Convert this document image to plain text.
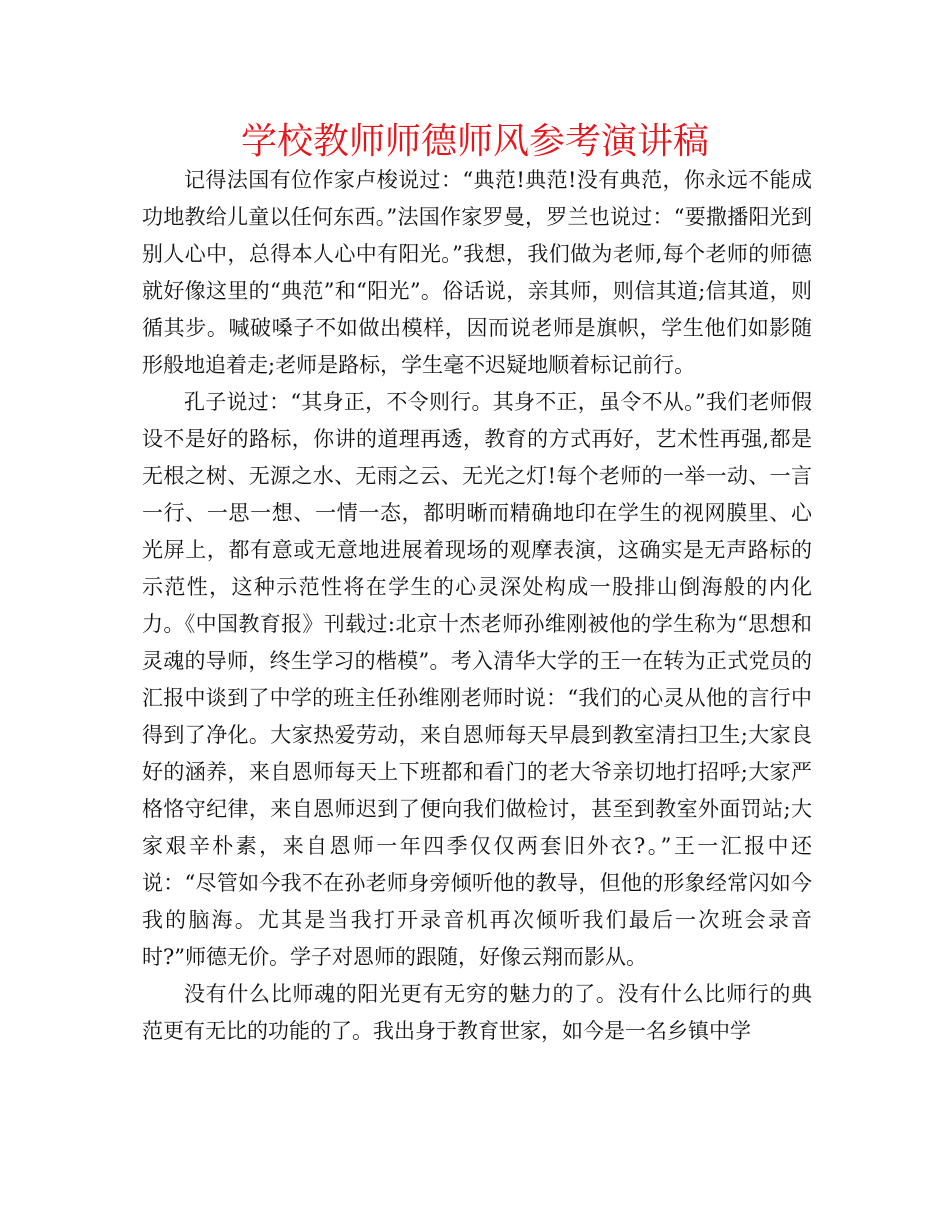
学校教师师德师风参考演讲稿

记得法国有位作家卢梭说过：“典范!典范!没有典范，你永远不能成功地教给儿童以任何东西。”法国作家罗曼，罗兰也说过：“要撒播阳光到别人心中，总得本人心中有阳光。”我想，我们做为老师,每个老师的师德就好像这里的“典范”和“阳光”。俗话说，亲其师，则信其道;信其道，则循其步。喊破嗓子不如做出模样，因而说老师是旗帜，学生他们如影随形般地追着走;老师是路标，学生毫不迟疑地顺着标记前行。

孔子说过：“其身正，不令则行。其身不正，虽令不从。”我们老师假设不是好的路标，你讲的道理再透，教育的方式再好，艺术性再强,都是无根之树、无源之水、无雨之云、无光之灯!每个老师的一举一动、一言一行、一思一想、一情一态，都明晰而精确地印在学生的视网膜里、心光屏上，都有意或无意地进展着现场的观摩表演，这确实是无声路标的示范性，这种示范性将在学生的心灵深处构成一股排山倒海般的内化力。《中国教育报》刊载过:北京十杰老师孙维刚被他的学生称为“思想和灵魂的导师，终生学习的楷模”。考入清华大学的王一在转为正式党员的汇报中谈到了中学的班主任孙维刚老师时说：“我们的心灵从他的言行中得到了净化。大家热爱劳动，来自恩师每天早晨到教室清扫卫生;大家良好的涵养，来自恩师每天上下班都和看门的老大爷亲切地打招呼;大家严格恪守纪律，来自恩师迟到了便向我们做检讨，甚至到教室外面罚站;大家艰辛朴素，来自恩师一年四季仅仅两套旧外衣?。”王一汇报中还说：“尽管如今我不在孙老师身旁倾听他的教导，但他的形象经常闪如今我的脑海。尤其是当我打开录音机再次倾听我们最后一次班会录音时?”师德无价。学子对恩师的跟随，好像云翔而影从。

没有什么比师魂的阳光更有无穷的魅力的了。没有什么比师行的典范更有无比的功能的了。我出身于教育世家，如今是一名乡镇中学
